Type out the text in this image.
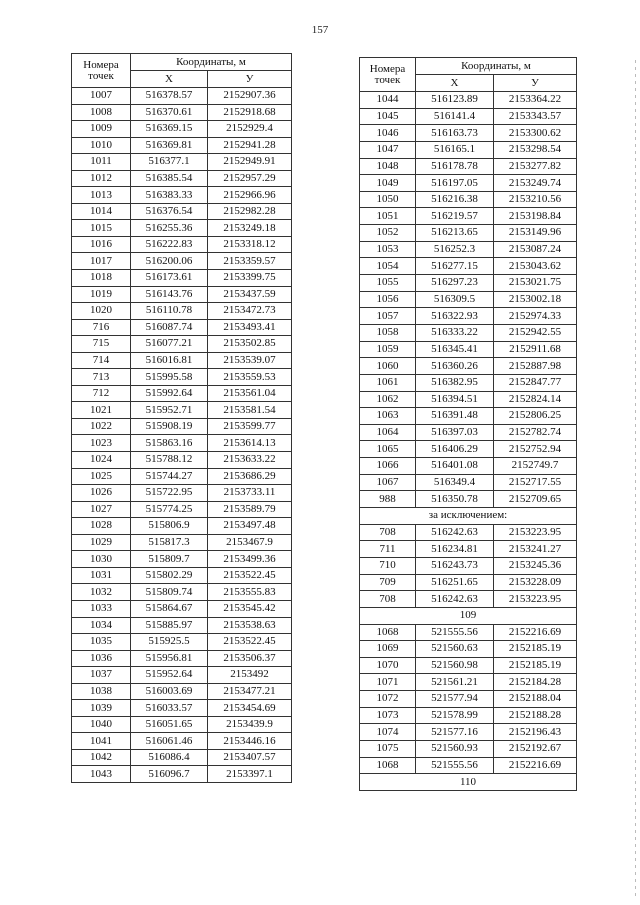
157
Номера
точек	Координаты, м	
	X	У
1007	516378.57	2152907.36
1008	516370.61	2152918.68
1009	516369.15	2152929.4
1010	516369.81	2152941.28
1011	516377.1	2152949.91
1012	516385.54	2152957.29
1013	516383.33	2152966.96
1014	516376.54	2152982.28
1015	516255.36	2153249.18
1016	516222.83	2153318.12
1017	516200.06	2153359.57
1018	516173.61	2153399.75
1019	516143.76	2153437.59
1020	516110.78	2153472.73
716	516087.74	2153493.41
715	516077.21	2153502.85
714	516016.81	2153539.07
713	515995.58	2153559.53
712	515992.64	2153561.04
1021	515952.71	2153581.54
1022	515908.19	2153599.77
1023	515863.16	2153614.13
1024	515788.12	2153633.22
1025	515744.27	2153686.29
1026	515722.95	2153733.11
1027	515774.25	2153589.79
1028	515806.9	2153497.48
1029	515817.3	2153467.9
1030	515809.7	2153499.36
1031	515802.29	2153522.45
1032	515809.74	2153555.83
1033	515864.67	2153545.42
1034	515885.97	2153538.63
1035	515925.5	2153522.45
1036	515956.81	2153506.37
1037	515952.64	2153492
1038	516003.69	2153477.21
1039	516033.57	2153454.69
1040	516051.65	2153439.9
1041	516061.46	2153446.16
1042	516086.4	2153407.57
1043	516096.7	2153397.1
Номера
точек	Координаты, м	
	X	У
1044	516123.89	2153364.22
1045	516141.4	2153343.57
1046	516163.73	2153300.62
1047	516165.1	2153298.54
1048	516178.78	2153277.82
1049	516197.05	2153249.74
1050	516216.38	2153210.56
1051	516219.57	2153198.84
1052	516213.65	2153149.96
1053	516252.3	2153087.24
1054	516277.15	2153043.62
1055	516297.23	2153021.75
1056	516309.5	2153002.18
1057	516322.93	2152974.33
1058	516333.22	2152942.55
1059	516345.41	2152911.68
1060	516360.26	2152887.98
1061	516382.95	2152847.77
1062	516394.51	2152824.14
1063	516391.48	2152806.25
1064	516397.03	2152782.74
1065	516406.29	2152752.94
1066	516401.08	2152749.7
1067	516349.4	2152717.55
988	516350.78	2152709.65
за исключением:		
708	516242.63	2153223.95
711	516234.81	2153241.27
710	516243.73	2153245.36
709	516251.65	2153228.09
708	516242.63	2153223.95
109		
1068	521555.56	2152216.69
1069	521560.63	2152185.19
1070	521560.98	2152185.19
1071	521561.21	2152184.28
1072	521577.94	2152188.04
1073	521578.99	2152188.28
1074	521577.16	2152196.43
1075	521560.93	2152192.67
1068	521555.56	2152216.69
110		
